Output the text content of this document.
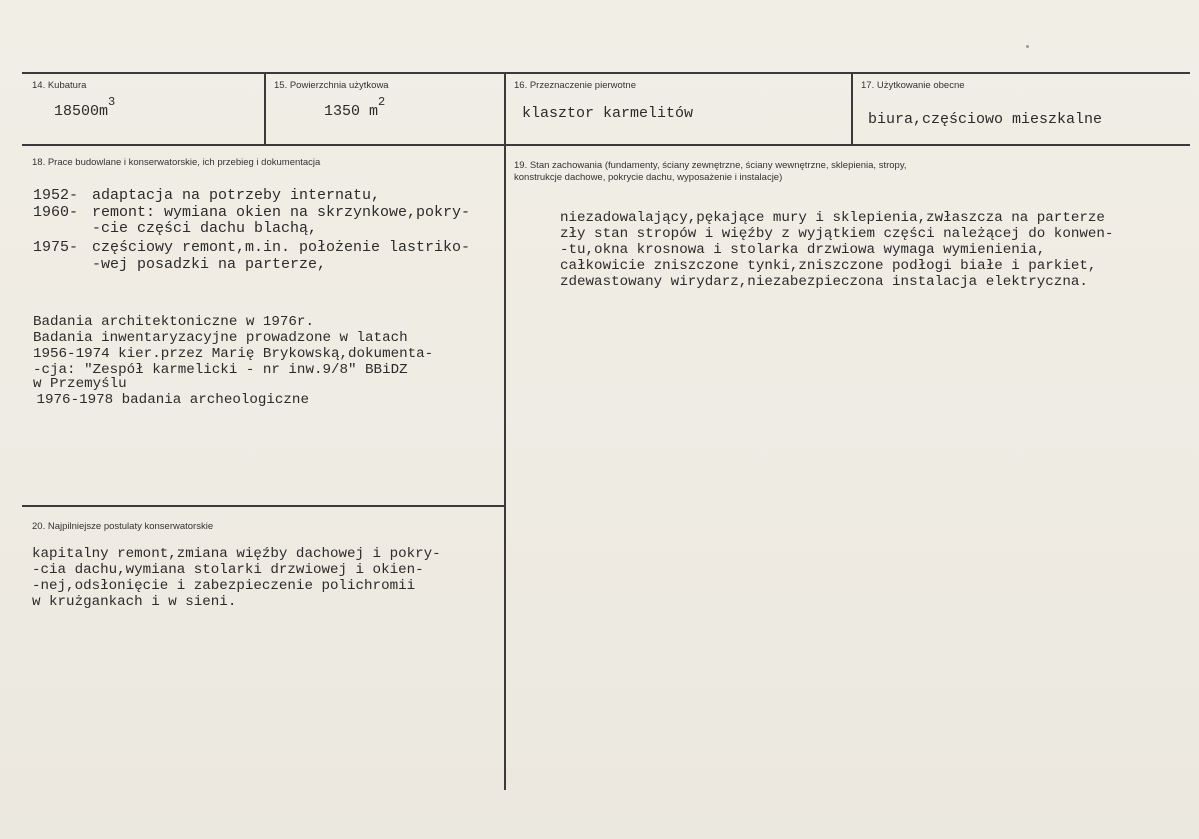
14. Kubatura
$18500m^3$
15. Powierzchnia użytkowa
1350 $m^2$
16. Przeznaczenie pierwotne
klasztor karmelitów
17. Użytkowanie obecne
biura,częściowo mieszkalne
18. Prace budowlane i konserwatorskie, ich przebieg i dokumentacja
1952- adaptacja na potrzeby internatu,
1960- remont: wymiana okien na skrzynkowe,pokry-
-cie części dachu blachą,
1975- częściowy remont,m.in. położenie lastriko-
-wej posadzki na parterze,
Badania architektoniczne w 1976r.
Badania inwentaryzacyjne prowadzone w latach
1956-1974 kier.przez Marię Brykowską,dokumenta-
-cja: "Zespół karmelicki - nr inw.9/8" BBiDZ
w Przemyślu
1976-1978 badania archeologiczne
19. Stan zachowania (fundamenty, ściany zewnętrzne, ściany wewnętrzne, sklepienia, stropy,
konstrukcje dachowe, pokrycie dachu, wyposażenie i instalacje)
niezadowalający,pękające mury i sklepienia,zwłaszcza na parterze
zły stan stropów i więźby z wyjątkiem części należącej do konwen-
-tu,okna krosnowa i stolarka drzwiowa wymaga wymienienia,
całkowicie zniszczone tynki,zniszczone podłogi białe i parkiet,
zdewastowany wirydarz,niezabezpieczona instalacja elektryczna.
20. Najpilniejsze postulaty konserwatorskie
kapitalny remont,zmiana więźby dachowej i pokry-
-cia dachu,wymiana stolarki drzwiowej i okien-
-nej,odsłonięcie i zabezpieczenie polichromii
w krużgankach i w sieni.
